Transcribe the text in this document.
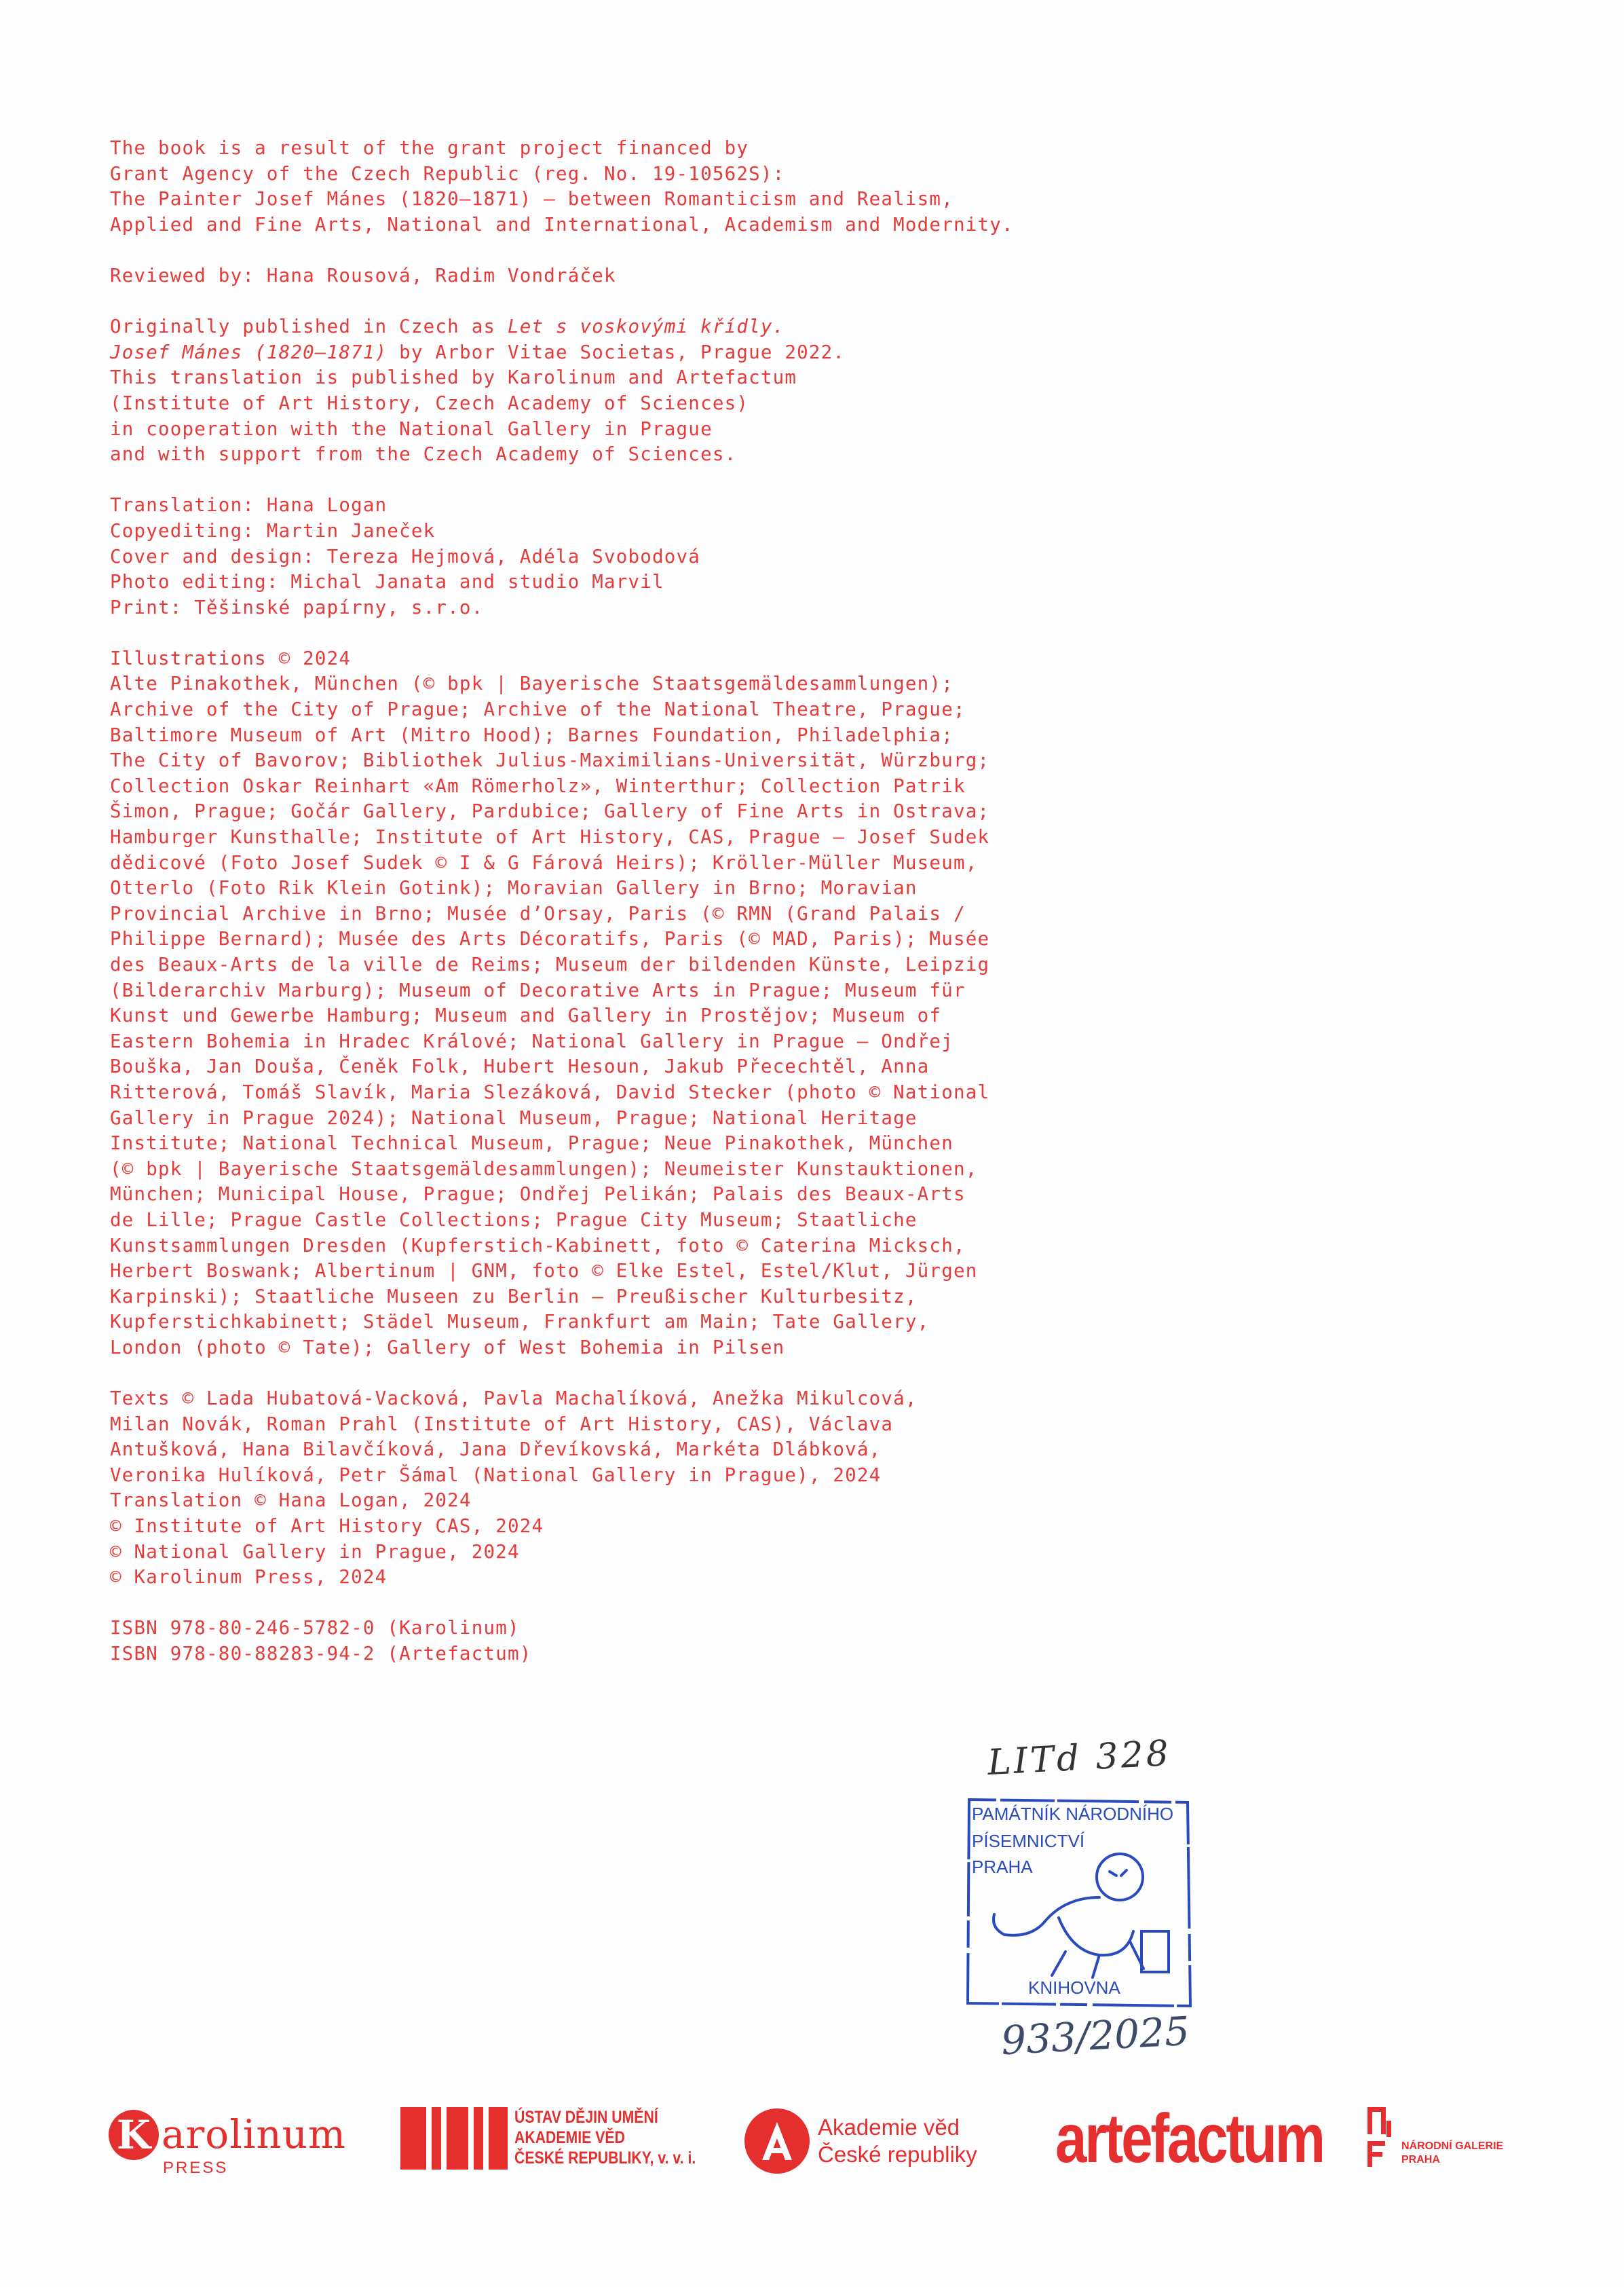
The book is a result of the grant project financed by
Grant Agency of the Czech Republic (reg. No. 19-10562S):
The Painter Josef Mánes (1820–1871) – between Romanticism and Realism,
Applied and Fine Arts, National and International, Academism and Modernity.
Reviewed by: Hana Rousová, Radim Vondráček
Originally published in Czech as Let s voskovými křídly.
Josef Mánes (1820–1871) by Arbor Vitae Societas, Prague 2022.
This translation is published by Karolinum and Artefactum
(Institute of Art History, Czech Academy of Sciences)
in cooperation with the National Gallery in Prague
and with support from the Czech Academy of Sciences.
Translation: Hana Logan
Copyediting: Martin Janeček
Cover and design: Tereza Hejmová, Adéla Svobodová
Photo editing: Michal Janata and studio Marvil
Print: Těšinské papírny, s.r.o.
Illustrations © 2024
Alte Pinakothek, München (© bpk | Bayerische Staatsgemäldesammlungen);
Archive of the City of Prague; Archive of the National Theatre, Prague;
Baltimore Museum of Art (Mitro Hood); Barnes Foundation, Philadelphia;
The City of Bavorov; Bibliothek Julius-Maximilians-Universität, Würzburg;
Collection Oskar Reinhart «Am Römerholz», Winterthur; Collection Patrik
Šimon, Prague; Gočár Gallery, Pardubice; Gallery of Fine Arts in Ostrava;
Hamburger Kunsthalle; Institute of Art History, CAS, Prague – Josef Sudek
dědicové (Foto Josef Sudek © I & G Fárová Heirs); Kröller-Müller Museum,
Otterlo (Foto Rik Klein Gotink); Moravian Gallery in Brno; Moravian
Provincial Archive in Brno; Musée d’Orsay, Paris (© RMN (Grand Palais /
Philippe Bernard); Musée des Arts Décoratifs, Paris (© MAD, Paris); Musée
des Beaux-Arts de la ville de Reims; Museum der bildenden Künste, Leipzig
(Bilderarchiv Marburg); Museum of Decorative Arts in Prague; Museum für
Kunst und Gewerbe Hamburg; Museum and Gallery in Prostějov; Museum of
Eastern Bohemia in Hradec Králové; National Gallery in Prague – Ondřej
Bouška, Jan Douša, Čeněk Folk, Hubert Hesoun, Jakub Přecechtěl, Anna
Ritterová, Tomáš Slavík, Maria Slezáková, David Stecker (photo © National
Gallery in Prague 2024); National Museum, Prague; National Heritage
Institute; National Technical Museum, Prague; Neue Pinakothek, München
(© bpk | Bayerische Staatsgemäldesammlungen); Neumeister Kunstauktionen,
München; Municipal House, Prague; Ondřej Pelikán; Palais des Beaux-Arts
de Lille; Prague Castle Collections; Prague City Museum; Staatliche
Kunstsammlungen Dresden (Kupferstich-Kabinett, foto © Caterina Micksch,
Herbert Boswank; Albertinum | GNM, foto © Elke Estel, Estel/Klut, Jürgen
Karpinski); Staatliche Museen zu Berlin – Preußischer Kulturbesitz,
Kupferstichkabinett; Städel Museum, Frankfurt am Main; Tate Gallery,
London (photo © Tate); Gallery of West Bohemia in Pilsen
Texts © Lada Hubatová-Vacková, Pavla Machalíková, Anežka Mikulcová,
Milan Novák, Roman Prahl (Institute of Art History, CAS), Václava
Antušková, Hana Bilavčíková, Jana Dřevíkovská, Markéta Dlábková,
Veronika Hulíková, Petr Šámal (National Gallery in Prague), 2024
Translation © Hana Logan, 2024
© Institute of Art History CAS, 2024
© National Gallery in Prague, 2024
© Karolinum Press, 2024
ISBN 978-80-246-5782-0 (Karolinum)
ISBN 978-80-88283-94-2 (Artefactum)
LITd 328
PAMÁTNÍK NÁRODNÍHO
PÍSEMNICTVÍ
PRAHA
KNIHOVNA
933/2025
K arolinum
PRESS
ÚSTAV DĚJIN UMĚNÍ
AKADEMIE VĚD
ČESKÉ REPUBLIKY, v. v. i.
Akademie věd
České republiky artefactum	NÁRODNÍ GALERIE
PRAHA
